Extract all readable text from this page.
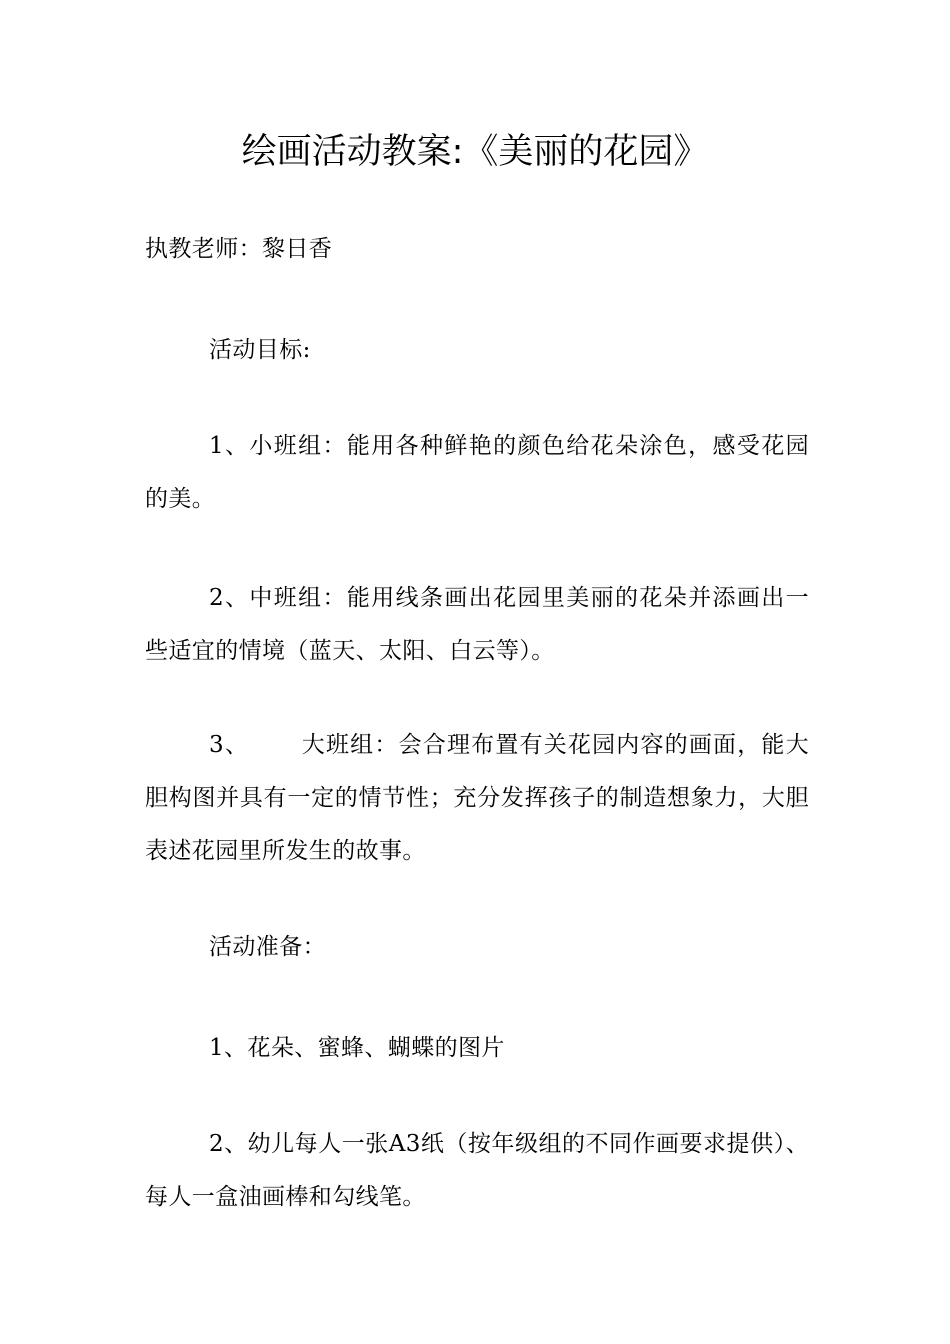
绘画活动教案:《美丽的花园》
执教老师：黎日香
活动目标:
1、小班组：能用各种鲜艳的颜色给花朵涂色，感受花园的美。
2、中班组：能用线条画出花园里美丽的花朵并添画出一些适宜的情境（蓝天、太阳、白云等）。
3、 大班组：会合理布置有关花园内容的画面，能大胆构图并具有一定的情节性；充分发挥孩子的制造想象力，大胆表述花园里所发生的故事。
活动准备：
1、花朵、蜜蜂、蝴蝶的图片
2、幼儿每人一张A3纸（按年级组的不同作画要求提供）、每人一盒油画棒和勾线笔。
